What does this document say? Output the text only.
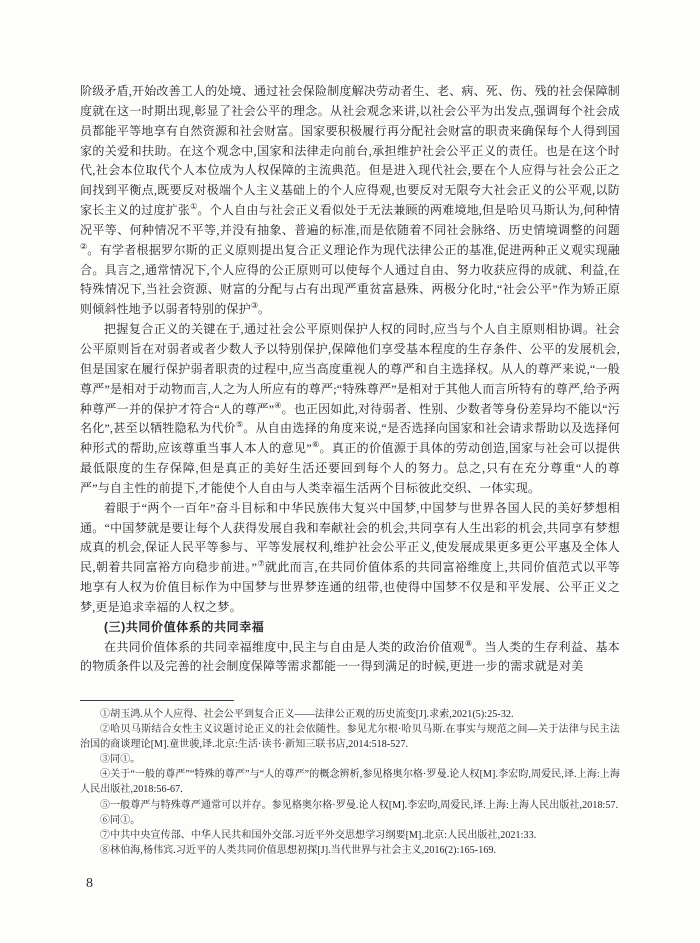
阶级矛盾,开始改善工人的处境、通过社会保险制度解决劳动者生、老、病、死、伤、残的社会保障制度就在这一时期出现,彰显了社会公平的理念。从社会观念来讲,以社会公平为出发点,强调每个社会成员都能平等地享有自然资源和社会财富。国家要积极履行再分配社会财富的职责来确保每个人得到国家的关爱和扶助。在这个观念中,国家和法律走向前台,承担维护社会公平正义的责任。也是在这个时代,社会本位取代个人本位成为人权保障的主流典范。但是进入现代社会,要在个人应得与社会公正之间找到平衡点,既要反对极端个人主义基础上的个人应得观,也要反对无限夸大社会正义的公平观,以防家长主义的过度扩张①。个人自由与社会正义看似处于无法兼顾的两难境地,但是哈贝马斯认为,何种情况平等、何种情况不平等,并没有抽象、普遍的标准,而是依随着不同社会脉络、历史情境调整的问题②。有学者根据罗尔斯的正义原则提出复合正义理论作为现代法律公正的基准,促进两种正义观实现融合。具言之,通常情况下,个人应得的公正原则可以使每个人通过自由、努力收获应得的成就、利益,在特殊情况下,当社会资源、财富的分配与占有出现严重贫富悬殊、两极分化时,“社会公平”作为矫正原则倾斜性地予以弱者特别的保护③。

把握复合正义的关键在于,通过社会公平原则保护人权的同时,应当与个人自主原则相协调。社会公平原则旨在对弱者或者少数人予以特别保护,保障他们享受基本程度的生存条件、公平的发展机会,但是国家在履行保护弱者职责的过程中,应当高度重视人的尊严和自主选择权。从人的尊严来说,“一般尊严”是相对于动物而言,人之为人所应有的尊严;“特殊尊严”是相对于其他人而言所特有的尊严,给予两种尊严一并的保护才符合“人的尊严”④。也正因如此,对待弱者、性别、少数者等身份差异均不能以“污名化”,甚至以牺牲隐私为代价⑤。从自由选择的角度来说,“是否选择向国家和社会请求帮助以及选择何种形式的帮助,应该尊重当事人本人的意见”⑥。真正的价值源于具体的劳动创造,国家与社会可以提供最低限度的生存保障,但是真正的美好生活还要回到每个人的努力。总之,只有在充分尊重“人的尊严”与自主性的前提下,才能使个人自由与人类幸福生活两个目标彼此交织、一体实现。

着眼于“两个一百年”奋斗目标和中华民族伟大复兴中国梦,中国梦与世界各国人民的美好梦想相通。“中国梦就是要让每个人获得发展自我和奉献社会的机会,共同享有人生出彩的机会,共同享有梦想成真的机会,保证人民平等参与、平等发展权利,维护社会公平正义,使发展成果更多更公平惠及全体人民,朝着共同富裕方向稳步前进。”⑦就此而言,在共同价值体系的共同富裕维度上,共同价值范式以平等地享有人权为价值目标作为中国梦与世界梦连通的纽带,也使得中国梦不仅是和平发展、公平正义之梦,更是追求幸福的人权之梦。

(三)共同价值体系的共同幸福

在共同价值体系的共同幸福维度中,民主与自由是人类的政治价值观⑧。当人类的生存利益、基本的物质条件以及完善的社会制度保障等需求都能一一得到满足的时候,更进一步的需求就是对美

①胡玉鸿.从个人应得、社会公平到复合正义——法律公正观的历史流变[J].求索,2021(5):25-32.

②哈贝马斯结合女性主义议题讨论正义的社会依随性。参见尤尔根·哈贝马斯.在事实与规范之间—关于法律与民主法治国的商谈理论[M].童世骏,译.北京:生活·读书·新知三联书店,2014:518-527.

③同①。

④关于“一般的尊严”“特殊的尊严”与“人的尊严”的概念辨析,参见格奥尔格·罗曼.论人权[M].李宏昀,周爱民,译.上海:上海人民出版社,2018:56-67.

⑤一般尊严与特殊尊严通常可以并存。参见格奥尔格·罗曼.论人权[M].李宏昀,周爱民,译.上海:上海人民出版社,2018:57.

⑥同①。

⑦中共中央宣传部、中华人民共和国外交部.习近平外交思想学习纲要[M].北京:人民出版社,2021:33.

⑧林伯海,杨伟宾.习近平的人类共同价值思想初探[J].当代世界与社会主义,2016(2):165-169.

8
